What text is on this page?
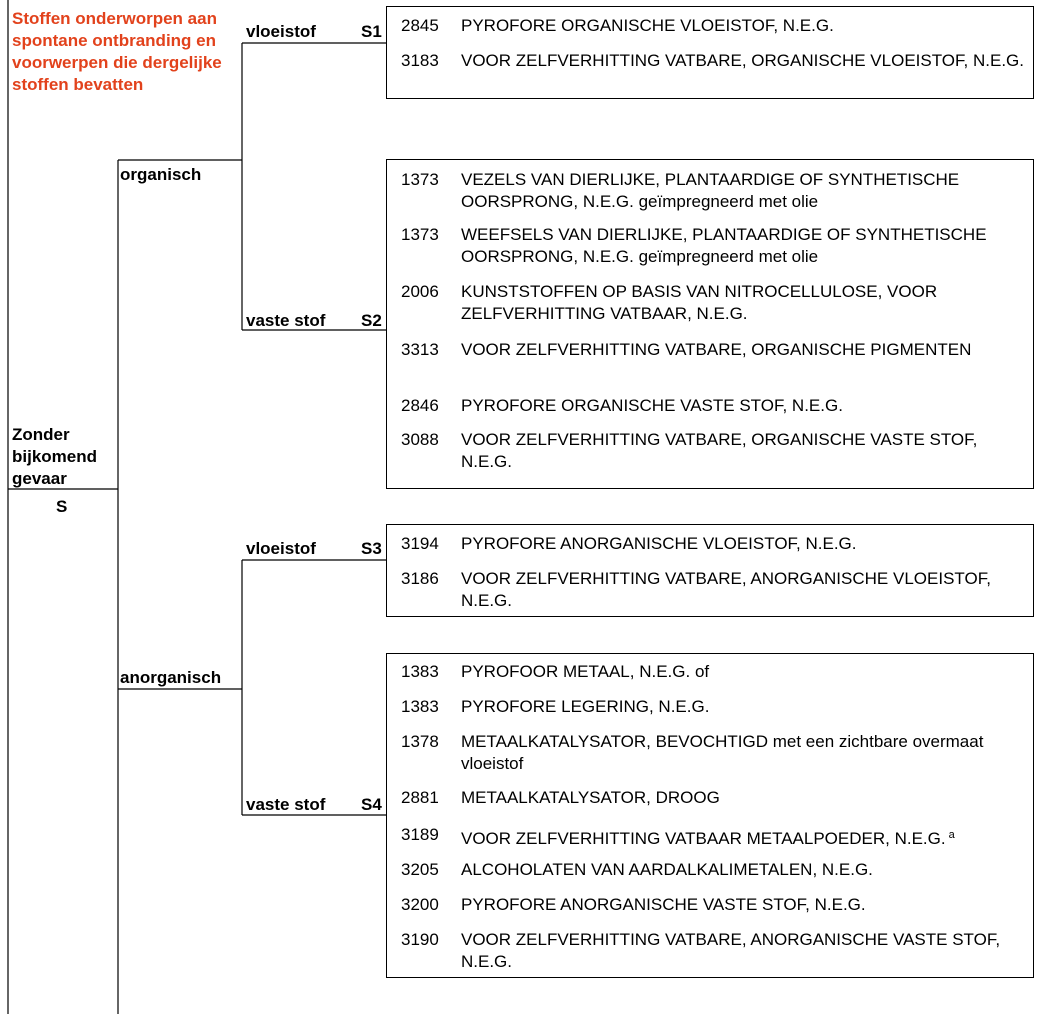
Stoffen onderworpen aan spontane ontbranding en voorwerpen die dergelijke stoffen bevatten
Zonder bijkomend gevaar
S
organisch
anorganisch
vloeistof	S1
vaste stof S2
vloeistof	S3
vaste stof S4
2845	PYROFORE ORGANISCHE VLOEISTOF, N.E.G.
3183	VOOR ZELFVERHITTING VATBARE, ORGANISCHE VLOEISTOF, N.E.G.
1373	VEZELS VAN DIERLIJKE, PLANTAARDIGE OF SYNTHETISCHE OORSPRONG, N.E.G. geïmpregneerd met olie
1373	WEEFSELS VAN DIERLIJKE, PLANTAARDIGE OF SYNTHETISCHE OORSPRONG, N.E.G. geïmpregneerd met olie
2006	KUNSTSTOFFEN OP BASIS VAN NITROCELLULOSE, VOOR ZELFVERHITTING VATBAAR, N.E.G.
3313	VOOR ZELFVERHITTING VATBARE, ORGANISCHE PIGMENTEN
2846	PYROFORE ORGANISCHE VASTE STOF, N.E.G.
3088	VOOR ZELFVERHITTING VATBARE, ORGANISCHE VASTE STOF, N.E.G.
3194	PYROFORE ANORGANISCHE VLOEISTOF, N.E.G.
3186	VOOR ZELFVERHITTING VATBARE, ANORGANISCHE VLOEISTOF, N.E.G.
1383	PYROFOOR METAAL, N.E.G. of
1383	PYROFORE LEGERING, N.E.G.
1378	METAALKATALYSATOR, BEVOCHTIGD met een zichtbare overmaat vloeistof
2881	METAALKATALYSATOR, DROOG
3189	VOOR ZELFVERHITTING VATBAAR METAALPOEDER, N.E.G. $^a$
3205	ALCOHOLATEN VAN AARDALKALIMETALEN, N.E.G.
3200	PYROFORE ANORGANISCHE VASTE STOF, N.E.G.
3190	VOOR ZELFVERHITTING VATBARE, ANORGANISCHE VASTE STOF, N.E.G.
